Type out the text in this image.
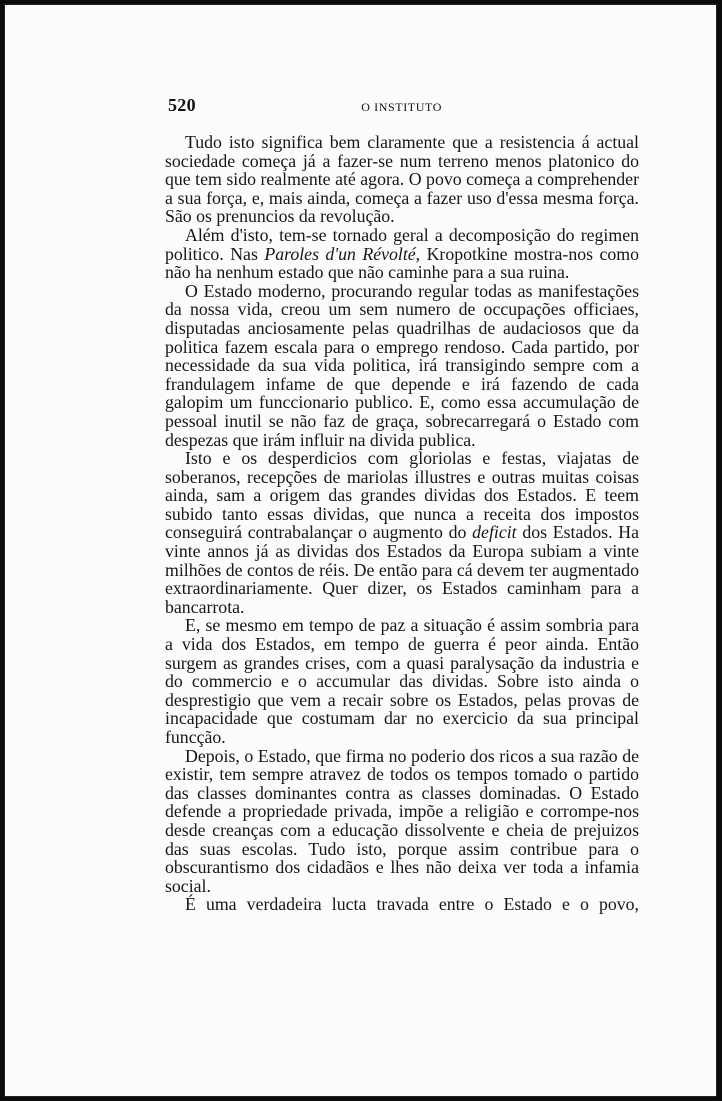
520	O INSTITUTO

Tudo isto significa bem claramente que a resistencia á actual sociedade começa já a fazer-se num terreno menos platonico do que tem sido realmente até agora. O povo começa a comprehender a sua força, e, mais ainda, começa a fazer uso d'essa mesma força. São os prenuncios da revolução.

Além d'isto, tem-se tornado geral a decomposição do regimen politico. Nas Paroles d'un Révolté, Kropotkine mostra-nos como não ha nenhum estado que não caminhe para a sua ruina.

O Estado moderno, procurando regular todas as manifestações da nossa vida, creou um sem numero de occupações officiaes, disputadas anciosamente pelas quadrilhas de audaciosos que da politica fazem escala para o emprego rendoso. Cada partido, por necessidade da sua vida politica, irá transigindo sempre com a frandulagem infame de que depende e irá fazendo de cada galopim um funccionario publico. E, como essa accumulação de pessoal inutil se não faz de graça, sobrecarregará o Estado com despezas que irám influir na divida publica.

Isto e os desperdicios com gloriolas e festas, viajatas de soberanos, recepções de mariolas illustres e outras muitas coisas ainda, sam a origem das grandes dividas dos Estados. E teem subido tanto essas dividas, que nunca a receita dos impostos conseguirá contrabalançar o augmento do deficit dos Estados. Ha vinte annos já as dividas dos Estados da Europa subiam a vinte milhões de contos de réis. De então para cá devem ter augmentado extraordinariamente. Quer dizer, os Estados caminham para a bancarrota.

E, se mesmo em tempo de paz a situação é assim sombria para a vida dos Estados, em tempo de guerra é peor ainda. Então surgem as grandes crises, com a quasi paralysação da industria e do commercio e o accumular das dividas. Sobre isto ainda o desprestigio que vem a recair sobre os Estados, pelas provas de incapacidade que costumam dar no exercicio da sua principal funcção.

Depois, o Estado, que firma no poderio dos ricos a sua razão de existir, tem sempre atravez de todos os tempos tomado o partido das classes dominantes contra as classes dominadas. O Estado defende a propriedade privada, impõe a religião e corrompe-nos desde creanças com a educação dissolvente e cheia de prejuizos das suas escolas. Tudo isto, porque assim contribue para o obscurantismo dos cidadãos e lhes não deixa ver toda a infamia social.

É uma verdadeira lucta travada entre o Estado e o povo,
